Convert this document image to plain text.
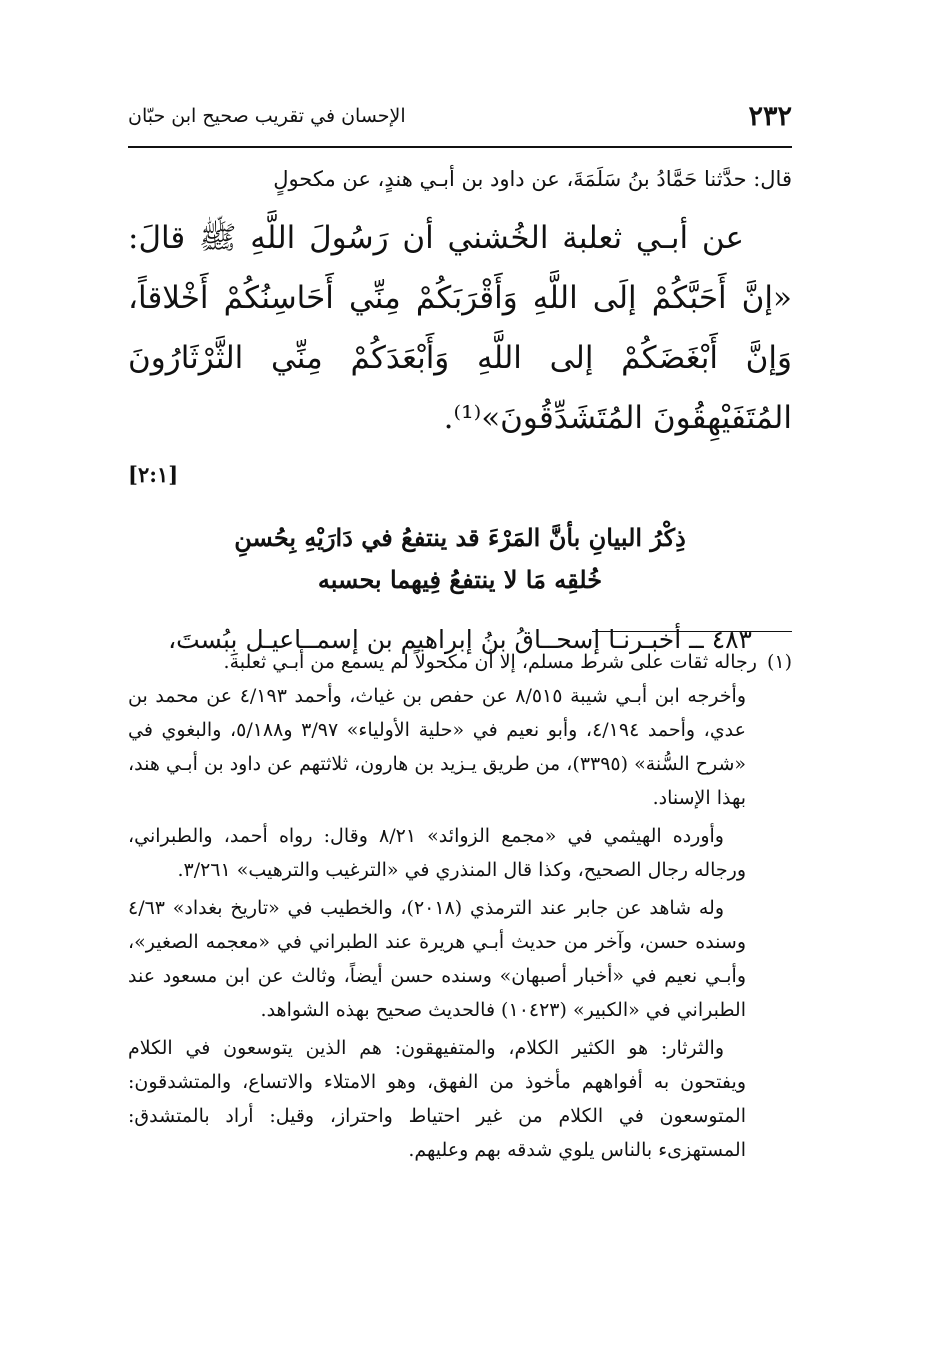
٢٣٢
الإحسان في تقريب صحيح ابن حبّان

قال: حدَّثنا حَمَّادُ بنُ سَلَمَةَ، عن داود بن أبـي هندٍ، عن مكحولٍ

عن أبـي ثعلبة الخُشني أن رَسُولَ اللَّهِ ﷺ قالَ: «إنَّ أَحَبَّكُمْ إلَى اللَّهِ وَأَقْرَبَكُمْ مِنِّي أَحَاسِنُكُمْ أَخْلاقاً، وَإنَّ أَبْغَضَكُمْ إلى اللَّهِ وَأَبْعَدَكُمْ مِنِّي الثَّرْثَارُونَ المُتَفَيْهِقُونَ المُتَشَدِّقُونَ»⁽¹⁾.

[٢:١]

ذِكْرُ البيانِ بأنَّ المَرْءَ قد ينتفعُ في دَارَيْهِ بِحُسنِ
خُلقِه مَا لا ينتفعُ فِيهما بحسبه

٤٨٣ ــ أخبـرنـا إسحــاقُ بنُ إبراهيم بن إسمــاعيـل بِبُستَ،

(١)
رجاله ثقات على شرط مسلم، إلا أن مكحولاً لم يسمع من أبـي ثعلبة.

وأخرجه ابن أبـي شيبة ٨/٥١٥ عن حفص بن غياث، وأحمد ٤/١٩٣ عن محمد بن عدي، وأحمد ٤/١٩٤، وأبو نعيم في «حلية الأولياء» ٣/٩٧ و٥/١٨٨، والبغوي في «شرح السُّنة» (٣٣٩٥)، من طريق يـزيد بن هارون، ثلاثتهم عن داود بن أبـي هند، بهذا الإسناد.

وأورده الهيثمي في «مجمع الزوائد» ٨/٢١ وقال: رواه أحمد، والطبراني، ورجاله رجال الصحيح، وكذا قال المنذري في «الترغيب والترهيب» ٣/٢٦١.

وله شاهد عن جابر عند الترمذي (٢٠١٨)، والخطيب في «تاريخ بغداد» ٤/٦٣ وسنده حسن، وآخر من حديث أبـي هريرة عند الطبراني في «معجمه الصغير»، وأبـي نعيم في «أخبار أصبهان» وسنده حسن أيضاً، وثالث عن ابن مسعود عند الطبراني في «الكبير» (١٠٤٢٣) فالحديث صحيح بهذه الشواهد.

والثرثار: هو الكثير الكلام، والمتفيهقون: هم الذين يتوسعون في الكلام ويفتحون به أفواههم مأخوذ من الفهق، وهو الامتلاء والاتساع، والمتشدقون: المتوسعون في الكلام من غير احتياط واحتراز، وقيل: أراد بالمتشدق: المستهزىء بالناس يلوي شدقه بهم وعليهم.
